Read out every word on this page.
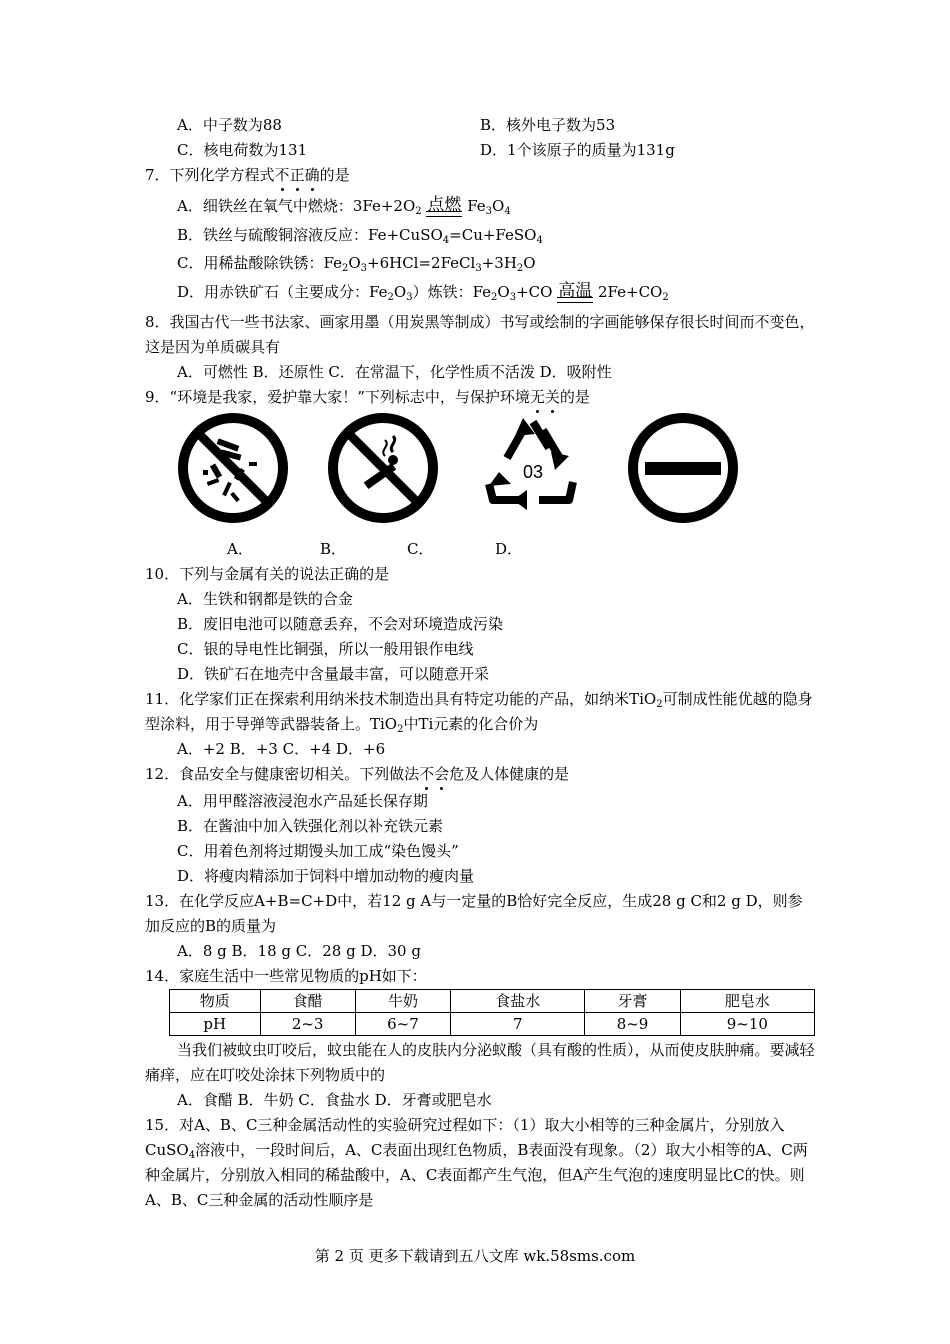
A．中子数为88	B．核外电子数为53
C．核电荷数为131	D．1个该原子的质量为131g
7．下列化学方程式不正确的是
A．细铁丝在氧气中燃烧：$3Fe+2O_2$ 点燃 $Fe_3O_4$
B．铁丝与硫酸铜溶液反应：Fe+CuSO$_4$=Cu+FeSO$_4$
C．用稀盐酸除铁锈：$Fe_2O_3+6HCl=2FeCl_3+3H_2O$
D．用赤铁矿石（主要成分：$Fe_2O_3$）炼铁：$Fe_2O_3+CO$ 高温 $2Fe+CO_2$
8．我国古代一些书法家、画家用墨（用炭黑等制成）书写或绘制的字画能够保存很长时间而不变色，这是因为单质碳具有
A．可燃性 B．还原性 C．在常温下，化学性质不活泼 D．吸附性
9．“环境是我家，爱护靠大家！”下列标志中，与保护环境无关的是
03
A．	B．	C．	D．
10．下列与金属有关的说法正确的是
A．生铁和钢都是铁的合金
B．废旧电池可以随意丢弃，不会对环境造成污染
C．银的导电性比铜强，所以一般用银作电线
D．铁矿石在地壳中含量最丰富，可以随意开采
11．化学家们正在探索利用纳米技术制造出具有特定功能的产品，如纳米TiO$_2$可制成性能优越的隐身型涂料，用于导弹等武器装备上。TiO$_2$中Ti元素的化合价为
A．+2 B．+3 C．+4 D．+6
12．食品安全与健康密切相关。下列做法不会危及人体健康的是
A．用甲醛溶液浸泡水产品延长保存期
B．在酱油中加入铁强化剂以补充铁元素
C．用着色剂将过期馒头加工成“染色馒头”
D．将瘦肉精添加于饲料中增加动物的瘦肉量
13．在化学反应A+B=C+D中，若12 g A与一定量的B恰好完全反应，生成28 g C和2 g D，则参加反应的B的质量为
A．8 g B．18 g C．28 g D．30 g
14．家庭生活中一些常见物质的pH如下：
物质	食醋	牛奶	食盐水	牙膏	肥皂水
pH	2~3	6~7	7	8~9	9~10
当我们被蚊虫叮咬后，蚊虫能在人的皮肤内分泌蚁酸（具有酸的性质），从而使皮肤肿痛。要减轻痛痒，应在叮咬处涂抹下列物质中的
A．食醋 B．牛奶 C．食盐水 D．牙膏或肥皂水
15．对A、B、C三种金属活动性的实验研究过程如下：（1）取大小相等的三种金属片，分别放入CuSO$_4$溶液中，一段时间后，A、C表面出现红色物质，B表面没有现象。（2）取大小相等的A、C两种金属片，分别放入相同的稀盐酸中，A、C表面都产生气泡，但A产生气泡的速度明显比C的快。则A、B、C三种金属的活动性顺序是
第 2 页 更多下载请到五八文库 wk.58sms.com
